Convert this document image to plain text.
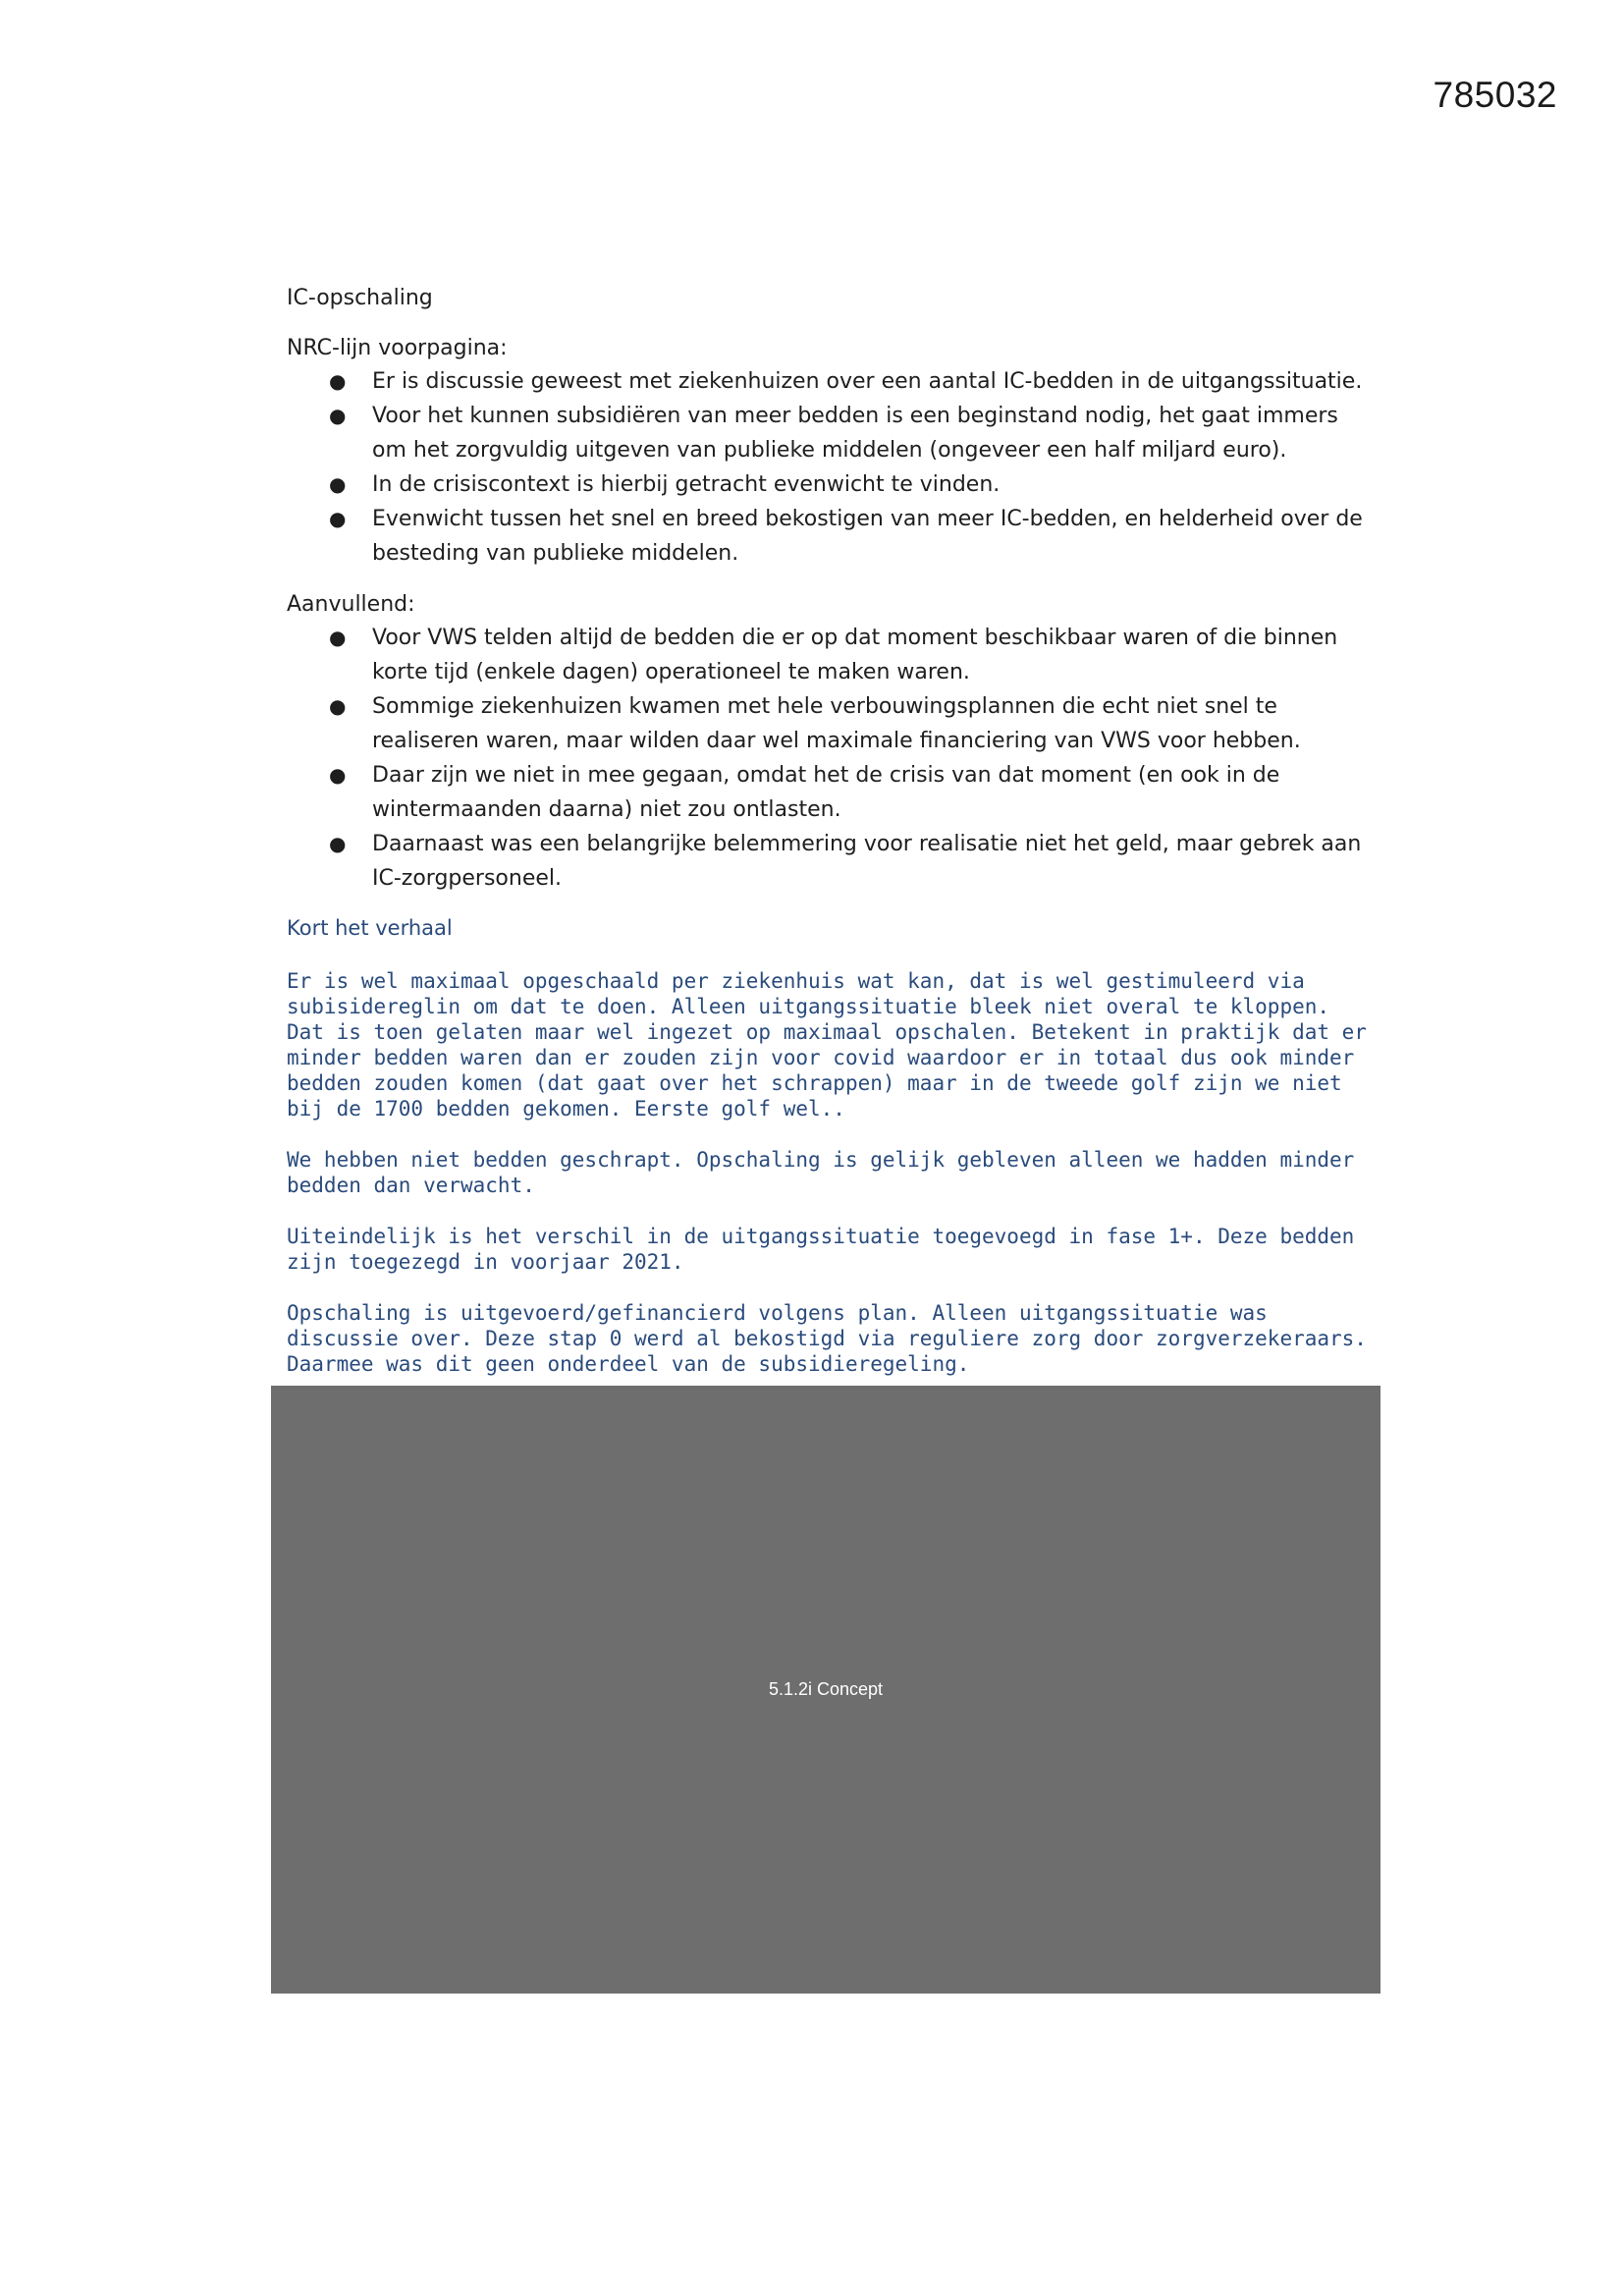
785032

IC-opschaling

NRC-lijn voorpagina:

● Er is discussie geweest met ziekenhuizen over een aantal IC-bedden in de uitgangssituatie.
● Voor het kunnen subsidiëren van meer bedden is een beginstand nodig, het gaat immers om het zorgvuldig uitgeven van publieke middelen (ongeveer een half miljard euro).
● In de crisiscontext is hierbij getracht evenwicht te vinden.
● Evenwicht tussen het snel en breed bekostigen van meer IC-bedden, en helderheid over de besteding van publieke middelen.

Aanvullend:

● Voor VWS telden altijd de bedden die er op dat moment beschikbaar waren of die binnen korte tijd (enkele dagen) operationeel te maken waren.
● Sommige ziekenhuizen kwamen met hele verbouwingsplannen die echt niet snel te realiseren waren, maar wilden daar wel maximale financiering van VWS voor hebben.
● Daar zijn we niet in mee gegaan, omdat het de crisis van dat moment (en ook in de wintermaanden daarna) niet zou ontlasten.
● Daarnaast was een belangrijke belemmering voor realisatie niet het geld, maar gebrek aan IC-zorgpersoneel.

Kort het verhaal

Er is wel maximaal opgeschaald per ziekenhuis wat kan, dat is wel gestimuleerd via subisidereglin om dat te doen. Alleen uitgangssituatie bleek niet overal te kloppen. Dat is toen gelaten maar wel ingezet op maximaal opschalen. Betekent in praktijk dat er minder bedden waren dan er zouden zijn voor covid waardoor er in totaal dus ook minder bedden zouden komen (dat gaat over het schrappen) maar in de tweede golf zijn we niet bij de 1700 bedden gekomen. Eerste golf wel..

We hebben niet bedden geschrapt. Opschaling is gelijk gebleven alleen we hadden minder bedden dan verwacht.

Uiteindelijk is het verschil in de uitgangssituatie toegevoegd in fase 1+. Deze bedden zijn toegezegd in voorjaar 2021.

Opschaling is uitgevoerd/gefinancierd volgens plan. Alleen uitgangssituatie was discussie over. Deze stap 0 werd al bekostigd via reguliere zorg door zorgverzekeraars. Daarmee was dit geen onderdeel van de subsidieregeling.

5.1.2i Concept
